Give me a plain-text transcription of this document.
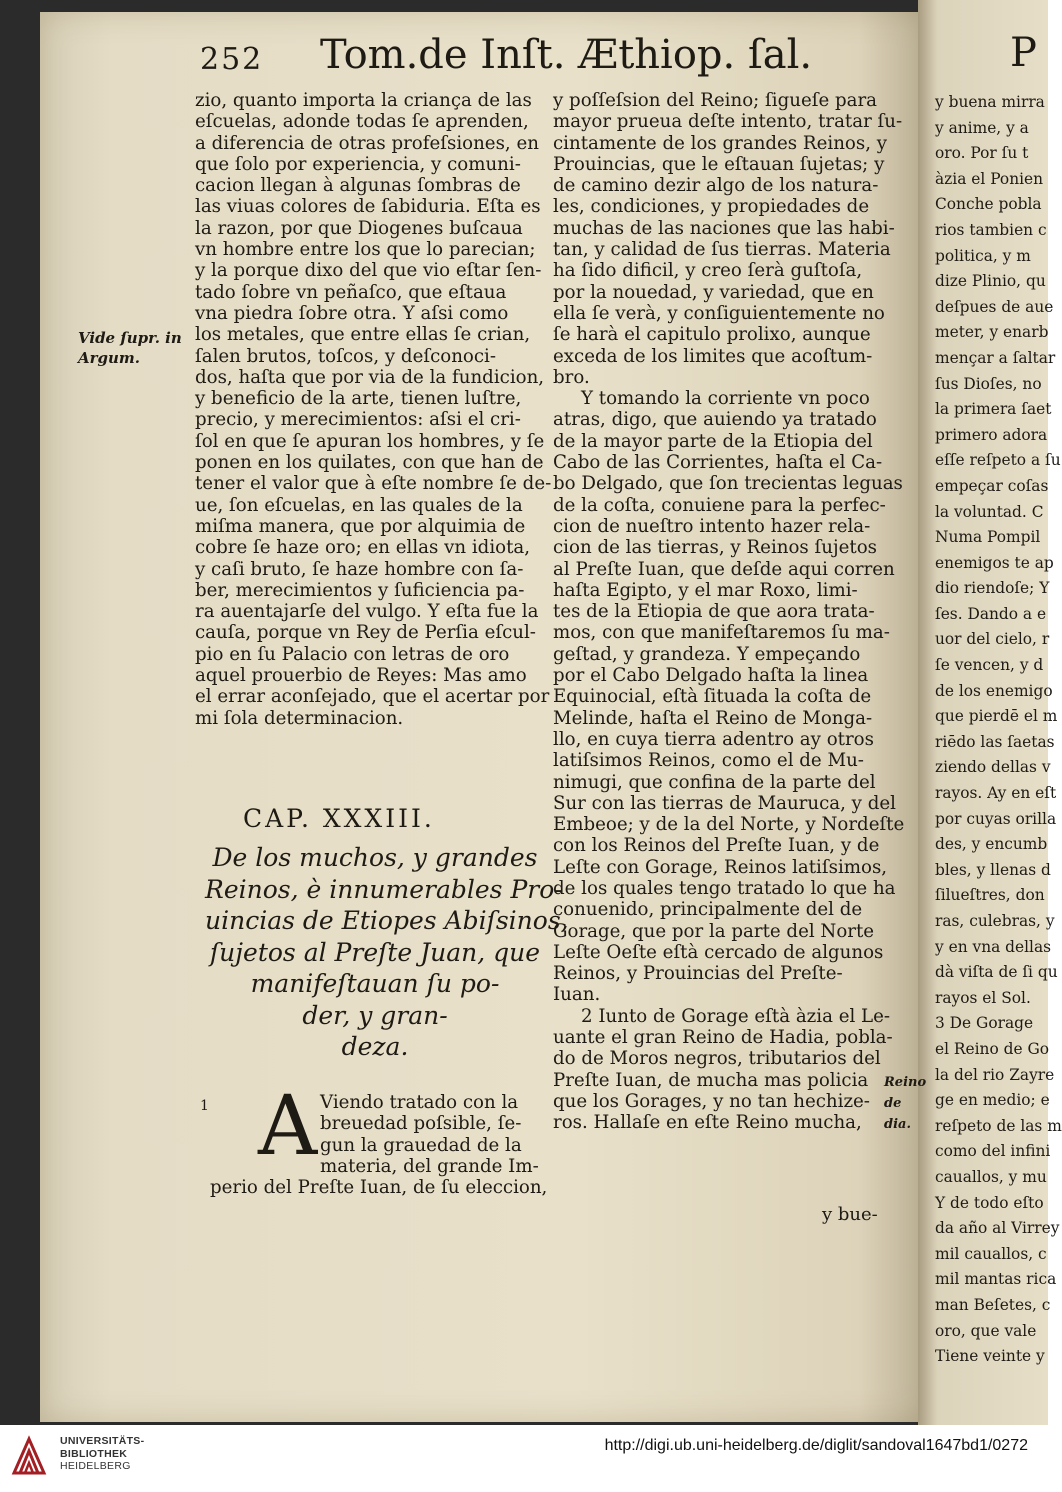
252 Tom.de Inſt. Æthiop. ſal.

Vide ſupr. in

Argum.

zio, quanto importa la criança de las

eſcuelas, adonde todas ſe aprenden,

a diferencia de otras profeſsiones, en

que ſolo por experiencia, y comuni-

cacion llegan à algunas ſombras de

las viuas colores de ſabiduria. Eſta es

la razon, por que Diogenes buſcaua

vn hombre entre los que lo parecian;

y la porque dixo del que vio eſtar ſen-

tado ſobre vn peñaſco, que eſtaua

vna piedra ſobre otra. Y aſsi como

los metales, que entre ellas ſe crian,

ſalen brutos, toſcos, y deſconoci-

dos, haſta que por via de la fundicion,

y beneficio de la arte, tienen luſtre,

precio, y merecimientos: aſsi el cri-

ſol en que ſe apuran los hombres, y ſe

ponen en los quilates, con que han de

tener el valor que à eſte nombre ſe de-

ue, ſon eſcuelas, en las quales de la

miſma manera, que por alquimia de

cobre ſe haze oro; en ellas vn idiota,

y caſi bruto, ſe haze hombre con ſa-

ber, merecimientos y ſuficiencia pa-

ra auentajarſe del vulgo. Y eſta fue la

cauſa, porque vn Rey de Perſia eſcul-

pio en ſu Palacio con letras de oro

aquel prouerbio de Reyes: Mas amo

el errar aconſejado, que el acertar por

mi ſola determinacion.

CAP. XXXIII.

De los muchos, y grandes

Reinos, è innumerables Pro-

uincias de Etiopes Abiſsinos,

ſujetos al Preſte Juan, que

manifeſtauan ſu po-

der, y gran-

deza.

1 A Viendo tratado con la

breuedad poſsible, ſe-

gun la grauedad de la

materia, del grande Im-

perio del Preſte Iuan, de ſu eleccion,

y poſſeſsion del Reino; ſigueſe para

mayor prueua deſte intento, tratar ſu-

cintamente de los grandes Reinos, y

Prouincias, que le eſtauan ſujetas; y

de camino dezir algo de los natura-

les, condiciones, y propiedades de

muchas de las naciones que las habi-

tan, y calidad de ſus tierras. Materia

ha ſido dificil, y creo ſerà guſtoſa,

por la nouedad, y variedad, que en

ella ſe verà, y conſiguientemente no

ſe harà el capitulo prolixo, aunque

exceda de los limites que acoſtum-

bro.

Y tomando la corriente vn poco

atras, digo, que auiendo ya tratado

de la mayor parte de la Etiopia del

Cabo de las Corrientes, haſta el Ca-

bo Delgado, que ſon trecientas leguas

de la coſta, conuiene para la perfec-

cion de nueſtro intento hazer rela-

cion de las tierras, y Reinos ſujetos

al Preſte Iuan, que deſde aqui corren

haſta Egipto, y el mar Roxo, limi-

tes de la Etiopia de que aora trata-

mos, con que manifeſtaremos ſu ma-

geſtad, y grandeza. Y empeçando

por el Cabo Delgado haſta la linea

Equinocial, eſtà ſituada la coſta de

Melinde, haſta el Reino de Monga-

llo, en cuya tierra adentro ay otros

latiſsimos Reinos, como el de Mu-

nimugi, que confina de la parte del

Sur con las tierras de Mauruca, y del

Embeoe; y de la del Norte, y Nordeſte

con los Reinos del Preſte Iuan, y de

Leſte con Gorage, Reinos latiſsimos,

de los quales tengo tratado lo que ha

conuenido, principalmente del de

Gorage, que por la parte del Norte

Leſte Oeſte eſtà cercado de algunos

Reinos, y Prouincias del Preſte-

Iuan.

2 Iunto de Gorage eſtà àzia el Le-

uante el gran Reino de Hadia, pobla-

do de Moros negros, tributarios del

Preſte Iuan, de mucha mas policia

que los Gorages, y no tan hechize-

ros. Hallaſe en eſte Reino mucha,

Reino de

dia.

y bue-
P

y buena mirra

y anime, y a

oro. Por ſu t

àzia el Ponien

Conche pobla

rios tambien c

politica, y m

dize Plinio, qu

deſpues de aue

meter, y enarb

mençar a ſaltar

ſus Dioſes, no

la primera ſaet

primero adora

eſſe reſpeto a ſu

empeçar coſas

la voluntad. C

Numa Pompil

enemigos te ap

dio riendoſe; Y

ſes. Dando a e

uor del cielo, r

ſe vencen, y d

de los enemigo

que pierdē el m

riēdo las ſaetas

ziendo dellas v

rayos. Ay en eſt

por cuyas orilla

des, y encumb

bles, y llenas d

ſilueſtres, don

ras, culebras, y

y en vna dellas

dà viſta de ſi qu

rayos el Sol.

3 De Gorage

el Reino de Go

la del rio Zayre

ge en medio; e

reſpeto de las m

como del infini

cauallos, y mu

Y de todo eſto

da año al Virrey

mil cauallos, c

mil mantas rica

man Beſetes, c

oro, que vale

Tiene veinte y

UNIVERSITÄTS-

BIBLIOTHEK

HEIDELBERG

http://digi.ub.uni-heidelberg.de/diglit/sandoval1647bd1/0272
